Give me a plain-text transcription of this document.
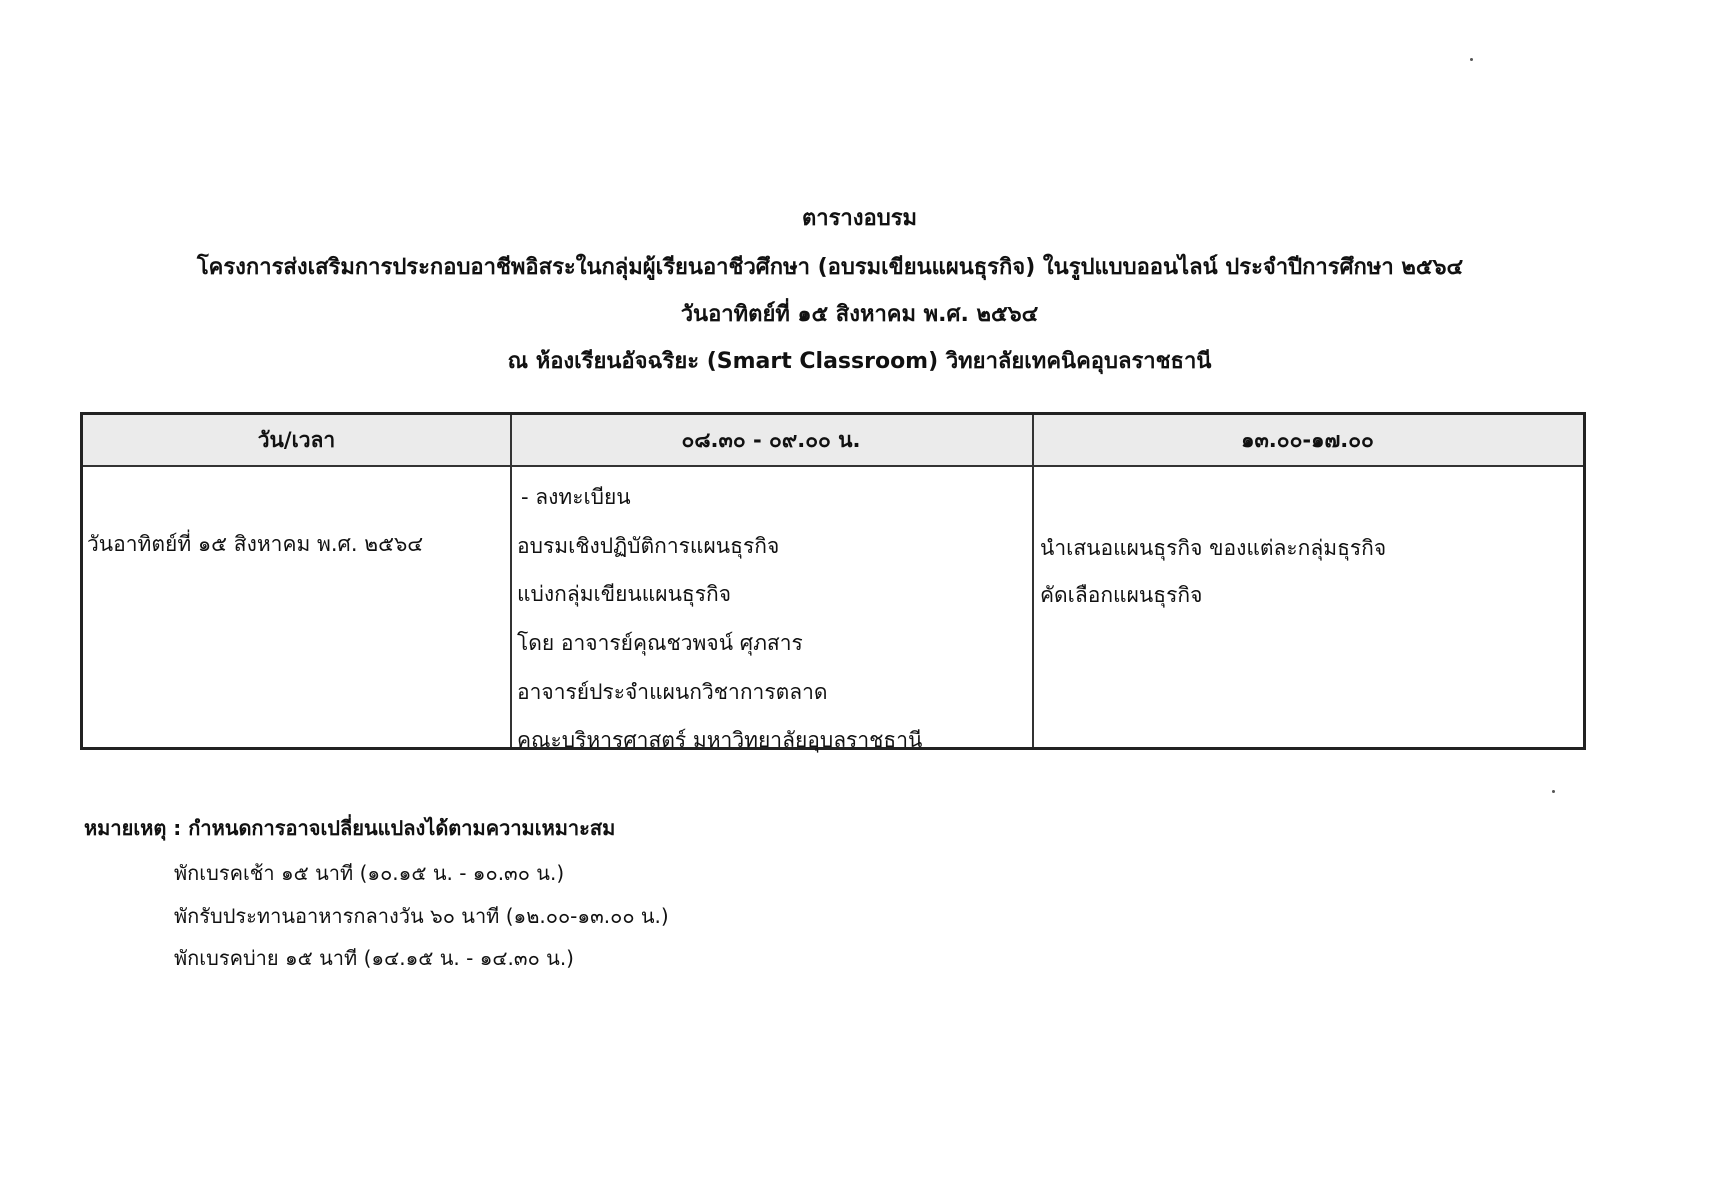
ตารางอบรม
โครงการส่งเสริมการประกอบอาชีพอิสระในกลุ่มผู้เรียนอาชีวศึกษา (อบรมเขียนแผนธุรกิจ) ในรูปแบบออนไลน์ ประจำปีการศึกษา ๒๕๖๔
วันอาทิตย์ที่ ๑๕ สิงหาคม พ.ศ. ๒๕๖๔
ณ ห้องเรียนอัจฉริยะ (Smart Classroom) วิทยาลัยเทคนิคอุบลราชธานี
วัน/เวลา	๐๘.๓๐ - ๐๙.๐๐ น.	๑๓.๐๐-๑๗.๐๐
วันอาทิตย์ที่ ๑๕ สิงหาคม พ.ศ. ๒๕๖๔
- ลงทะเบียน
อบรมเชิงปฏิบัติการแผนธุรกิจ
แบ่งกลุ่มเขียนแผนธุรกิจ
โดย อาจารย์คุณชวพจน์ ศุภสาร
อาจารย์ประจำแผนกวิชาการตลาด
คณะบริหารศาสตร์ มหาวิทยาลัยอุบลราชธานี
นำเสนอแผนธุรกิจ ของแต่ละกลุ่มธุรกิจ
คัดเลือกแผนธุรกิจ
หมายเหตุ : กำหนดการอาจเปลี่ยนแปลงได้ตามความเหมาะสม
พักเบรคเช้า ๑๕ นาที (๑๐.๑๕ น. - ๑๐.๓๐ น.)
พักรับประทานอาหารกลางวัน ๖๐ นาที (๑๒.๐๐-๑๓.๐๐ น.)
พักเบรคบ่าย ๑๕ นาที (๑๔.๑๕ น. - ๑๔.๓๐ น.)
